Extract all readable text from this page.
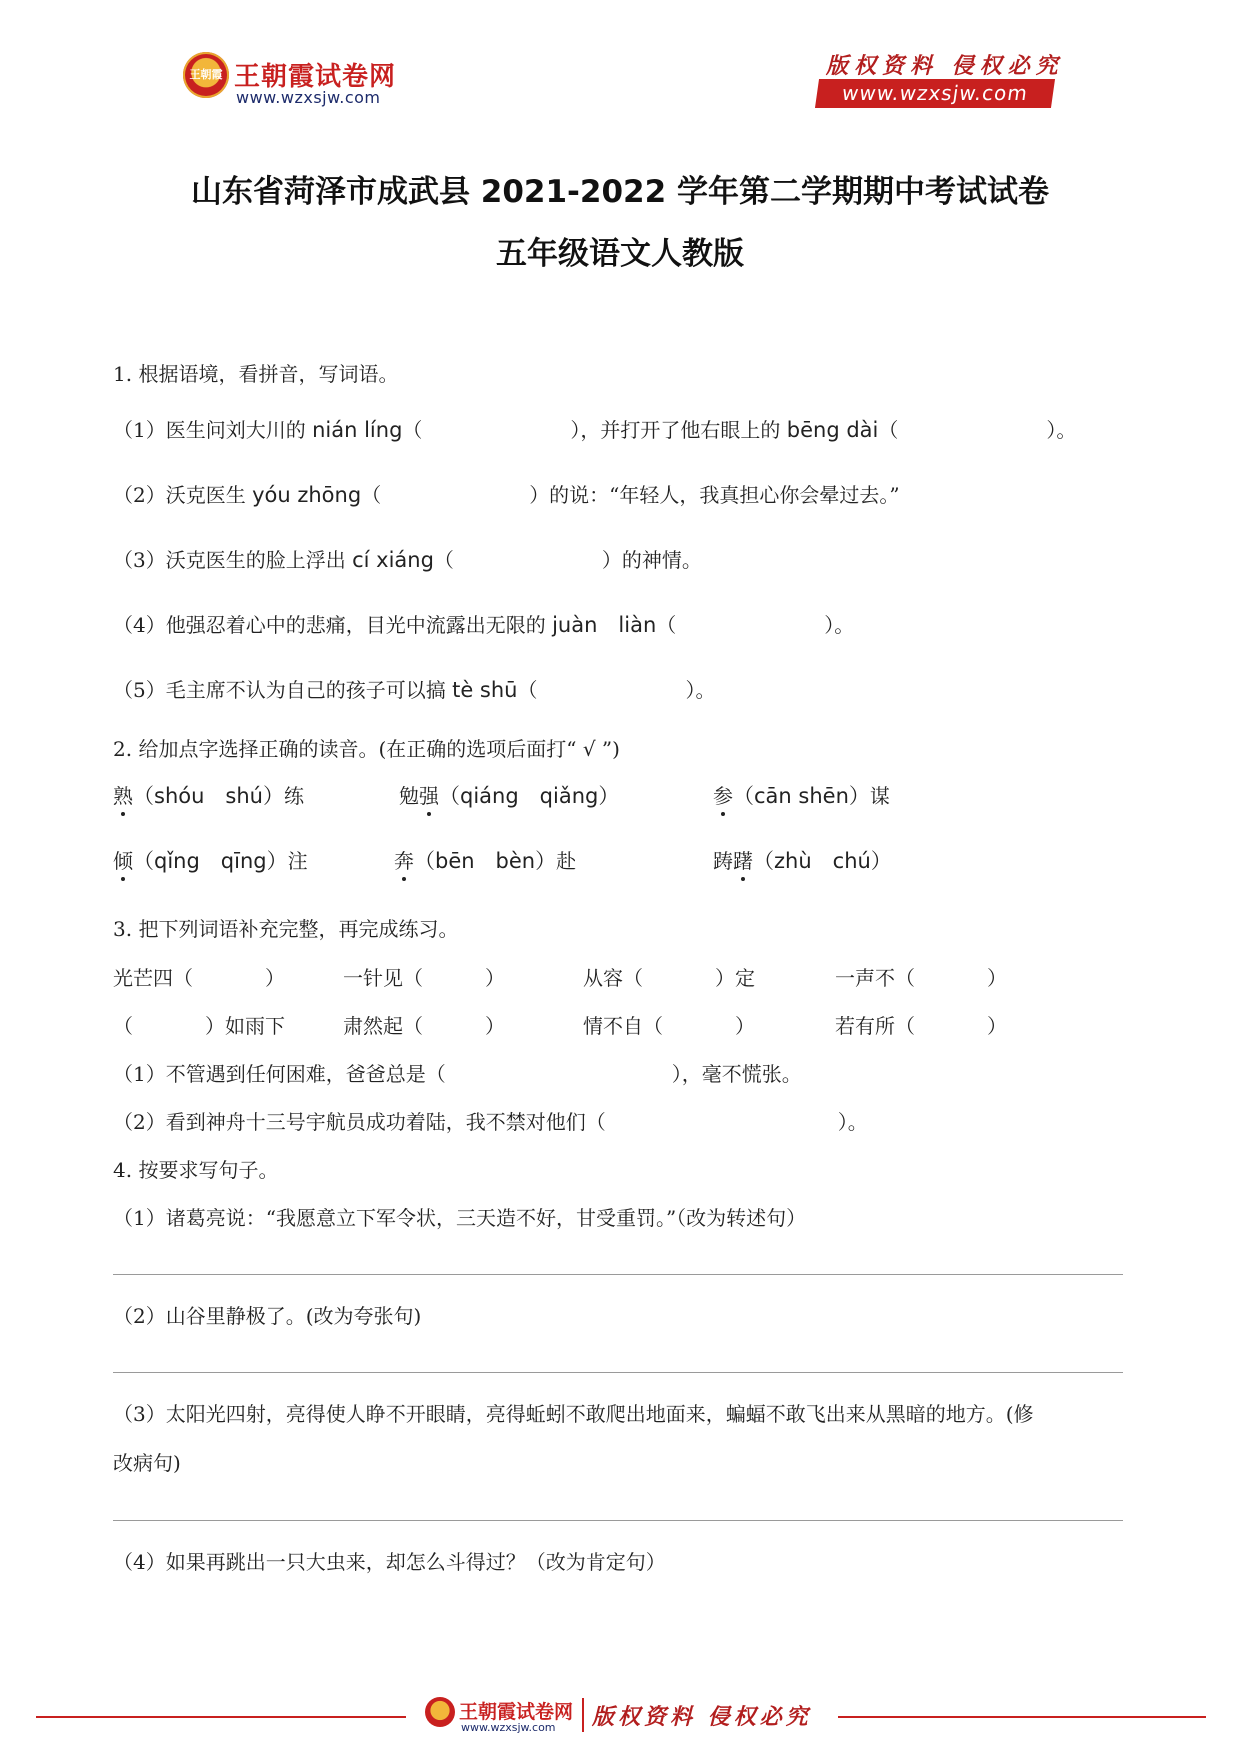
王朝霞 王朝霞试卷网
www.wzxsjw.com
版权资料 侵权必究
www.wzxsjw.com
山东省菏泽市成武县 2021-2022 学年第二学期期中考试试卷
五年级语文人教版
1. 根据语境，看拼音，写词语。
（1）医生问刘大川的 nián líng（	），并打开了他右眼上的 bēng dài（	）。
（2）沃克医生 yóu zhōng（	）的说：“年轻人，我真担心你会晕过去。”
（3）沃克医生的脸上浮出 cí xiáng（	）的神情。
（4）他强忍着心中的悲痛，目光中流露出无限的 juàn　liàn（	）。
（5）毛主席不认为自己的孩子可以搞 tè shū（	）。
2. 给加点字选择正确的读音。(在正确的选项后面打“ √ ”)
熟（shóu　shú）练	勉强（qiáng　qiǎng）	参（cān shēn）谋
倾（qǐng　qīng）注	奔（bēn　bèn）赴	踌躇（zhù　chú）
3. 把下列词语补充完整，再完成练习。
光芒四（	）	一针见（	）	从容（	）定	一声不（	）
（	）如雨下	肃然起（	）	情不自（	）	若有所（	）
（1）不管遇到任何困难，爸爸总是（	），毫不慌张。
（2）看到神舟十三号宇航员成功着陆，我不禁对他们（	）。
4. 按要求写句子。
（1）诸葛亮说：“我愿意立下军令状，三天造不好，甘受重罚。”（改为转述句）
（2）山谷里静极了。(改为夸张句)
（3）太阳光四射，亮得使人睁不开眼睛，亮得蚯蚓不敢爬出地面来，蝙蝠不敢飞出来从黑暗的地方。(修
改病句)
（4）如果再跳出一只大虫来，却怎么斗得过？（改为肯定句）
王朝霞试卷网
www.wzxsjw.com 版权资料 侵权必究
